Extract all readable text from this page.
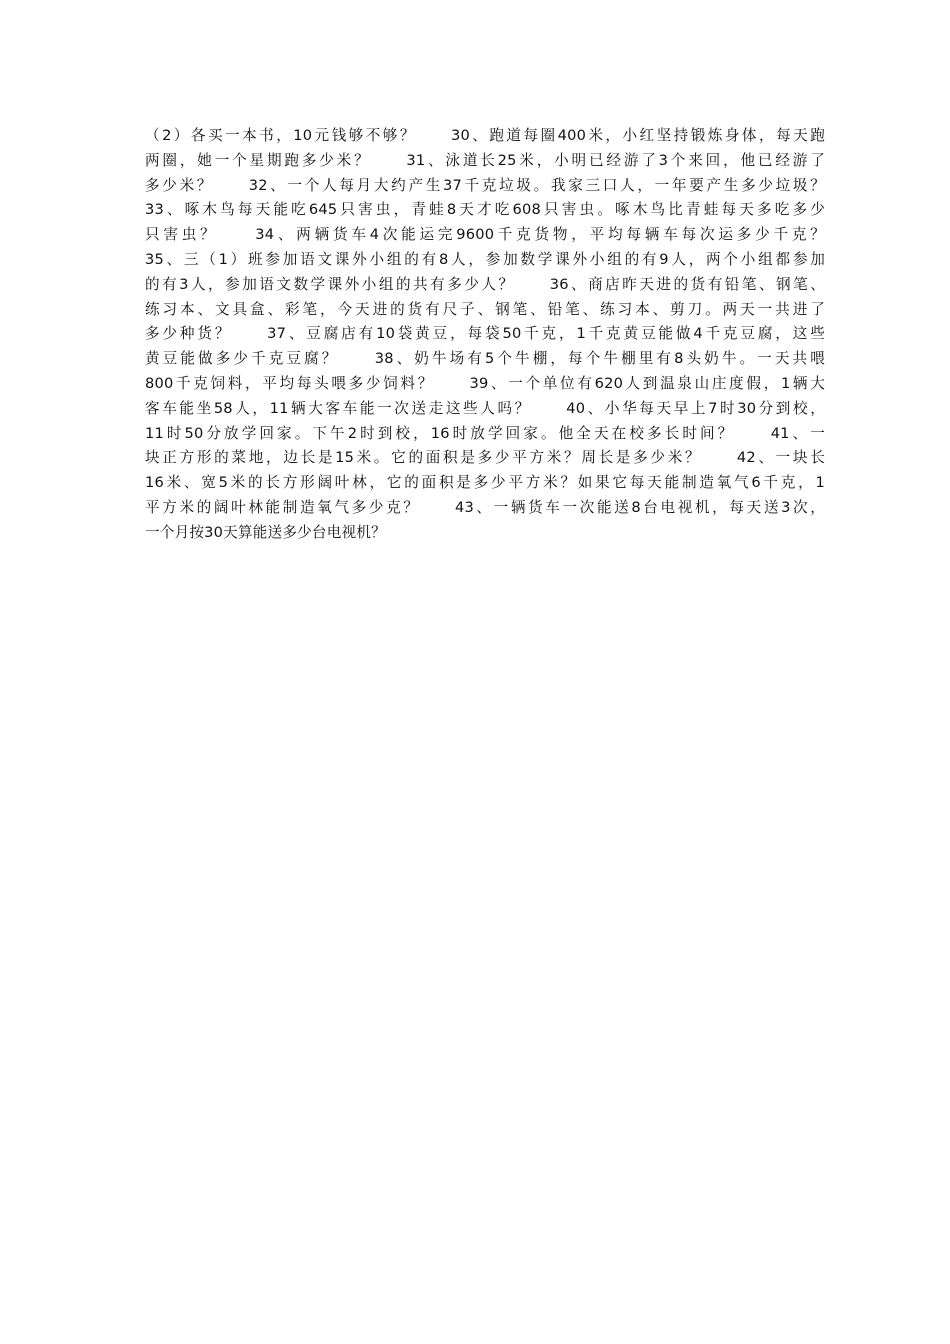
（2）各买一本书，10元钱够不够？　　30、跑道每圈400米，小红坚持锻炼身体，每天跑
两圈，她一个星期跑多少米？　　31、泳道长25米，小明已经游了3个来回，他已经游了
多少米？　　32、一个人每月大约产生37千克垃圾。我家三口人，一年要产生多少垃圾？
33、啄木鸟每天能吃645只害虫，青蛙8天才吃608只害虫。啄木鸟比青蛙每天多吃多少
只害虫？　　34、两辆货车4次能运完9600千克货物，平均每辆车每次运多少千克？
35、三（1）班参加语文课外小组的有8人，参加数学课外小组的有9人，两个小组都参加
的有3人，参加语文数学课外小组的共有多少人？　　36、商店昨天进的货有铅笔、钢笔、
练习本、文具盒、彩笔，今天进的货有尺子、钢笔、铅笔、练习本、剪刀。两天一共进了
多少种货？　　37、豆腐店有10袋黄豆，每袋50千克，1千克黄豆能做4千克豆腐，这些
黄豆能做多少千克豆腐？　　38、奶牛场有5个牛棚，每个牛棚里有8头奶牛。一天共喂
800千克饲料，平均每头喂多少饲料？　　39、一个单位有620人到温泉山庄度假，1辆大
客车能坐58人，11辆大客车能一次送走这些人吗？　　40、小华每天早上7时30分到校，
11时50分放学回家。下午2时到校，16时放学回家。他全天在校多长时间？　　41、一
块正方形的菜地，边长是15米。它的面积是多少平方米？周长是多少米？　　42、一块长
16米、宽5米的长方形阔叶林，它的面积是多少平方米？如果它每天能制造氧气6千克，1
平方米的阔叶林能制造氧气多少克？　　43、一辆货车一次能送8台电视机，每天送3次，
一个月按30天算能送多少台电视机？
